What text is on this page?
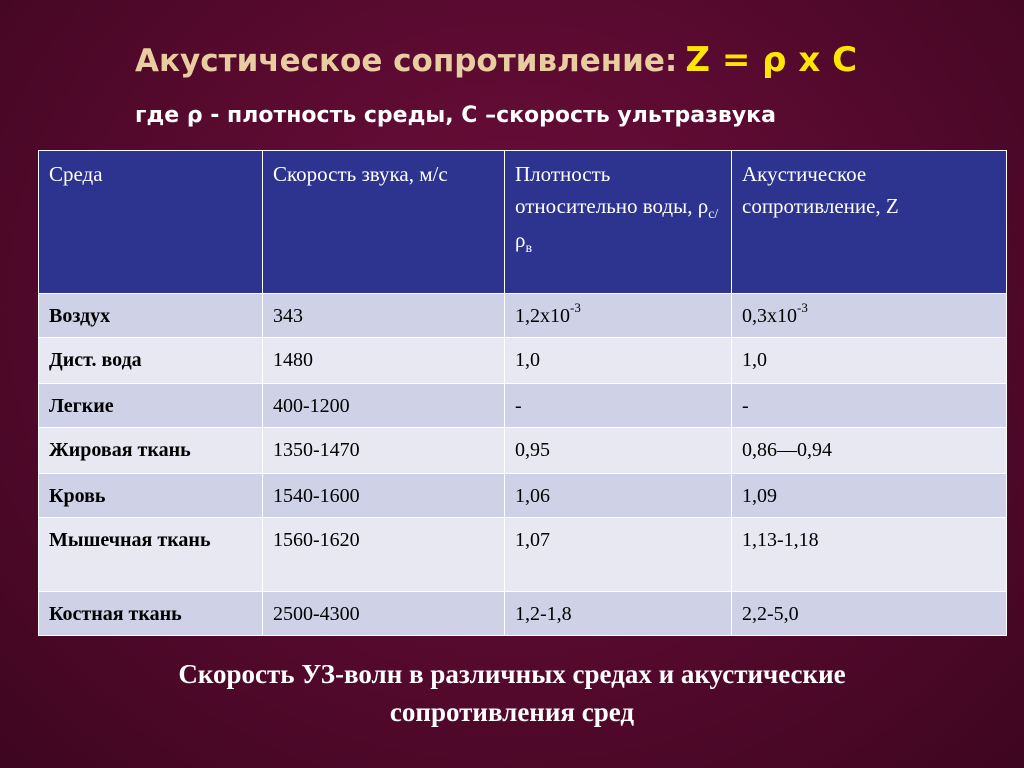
Акустическое сопротивление: Z = ρ x C
где ρ - плотность среды, С –скорость ультразвука
Среда	Скорость звука, м/с	Плотность относительно воды, $\rho_{c/}\rho_в$	Акустическое сопротивление, Z
Воздух	343	$1,2х10^{-3}$	$0,3х10^{-3}$
Дист. вода	1480	1,0	1,0
Легкие	400-1200	-	-
Жировая ткань	1350-1470	0,95	0,86—0,94
Кровь	1540-1600	1,06	1,09
Мышечная ткань	1560-1620	1,07	1,13-1,18
Костная ткань	2500-4300	1,2-1,8	2,2-5,0
Скорость УЗ-волн в различных средах и акустические
сопротивления сред
